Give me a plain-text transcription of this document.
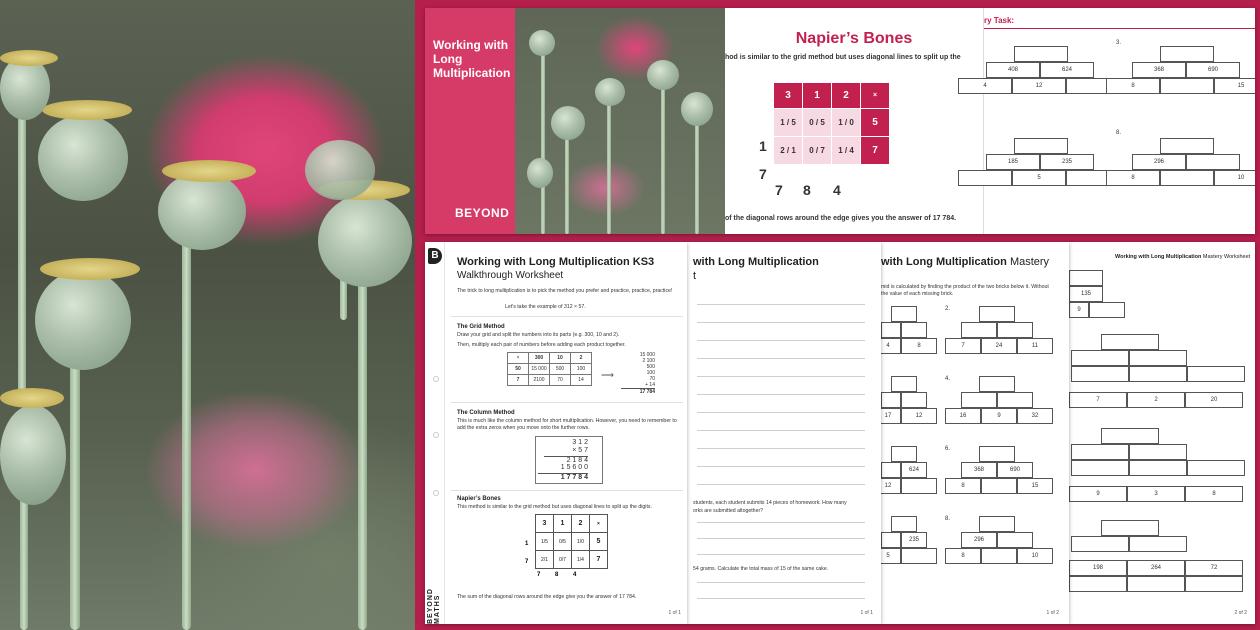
Working with Long Multiplication
BEYOND
Napier’s Bones
hod is similar to the grid method but uses diagonal lines to split up the
3	1	2	×
1 / 5	0 / 5	1 / 0	5
2 / 1	0 / 7	1 / 4	7
1
7
7 8 4
of the diagonal rows around the edge gives you the answer of 17 784.
ry Task:
408	624
4	12
3.
368	690
8	15
185	235
5
8.
296
8	10
B
BEYOND MATHS
Working with Long Multiplication KS3
Walkthrough Worksheet
The trick to long multiplication is to pick the method you prefer and practice, practice, practice!
Let's take the example of 312 × 57.
The Grid Method
Draw your grid and split the numbers into its parts (e.g. 300, 10 and 2).
Then, multiply each pair of numbers before adding each product together.
×	300	10	2
50	15 000	500	100
7	2100	70	14 ⟶
15 000
2 100
500
100
70
+ 14
17 784
The Column Method
This is much like the column method for short multiplication. However, you need to remember to add the extra zeros when you move onto the further rows.
3 1 2
× 5 7
2 1 8 4
1 5 6 0 0
1 7 7 8 4
Napier’s Bones
This method is similar to the grid method but uses diagonal lines to split up the digits.
3	1	2	×
1/5	0/5	1/0	5
2/1	0/7	1/4	7
1
7
7 8 4
The sum of the diagonal rows around the edge give you the answer of 17 784.
1 of 1
with Long Multiplication
t
students, each student submits 14 pieces of homework. How many
orks are submitted altogether?
54 grams. Calculate the total mass of 15 of the same cake.
1 of 1
with Long Multiplication Mastery
mid is calculated by finding the product of the two bricks below it. Without
the value of each missing brick.
4	8
2.
7	24	11
17	12
4.
16	9	32
624
12
6.
368	690
8	15
235
5
8.
296
8	10
1 of 2
Working with Long Multiplication Mastery Worksheet
135
9
7	2	20
9	3	8
198	264	72
2 of 2
